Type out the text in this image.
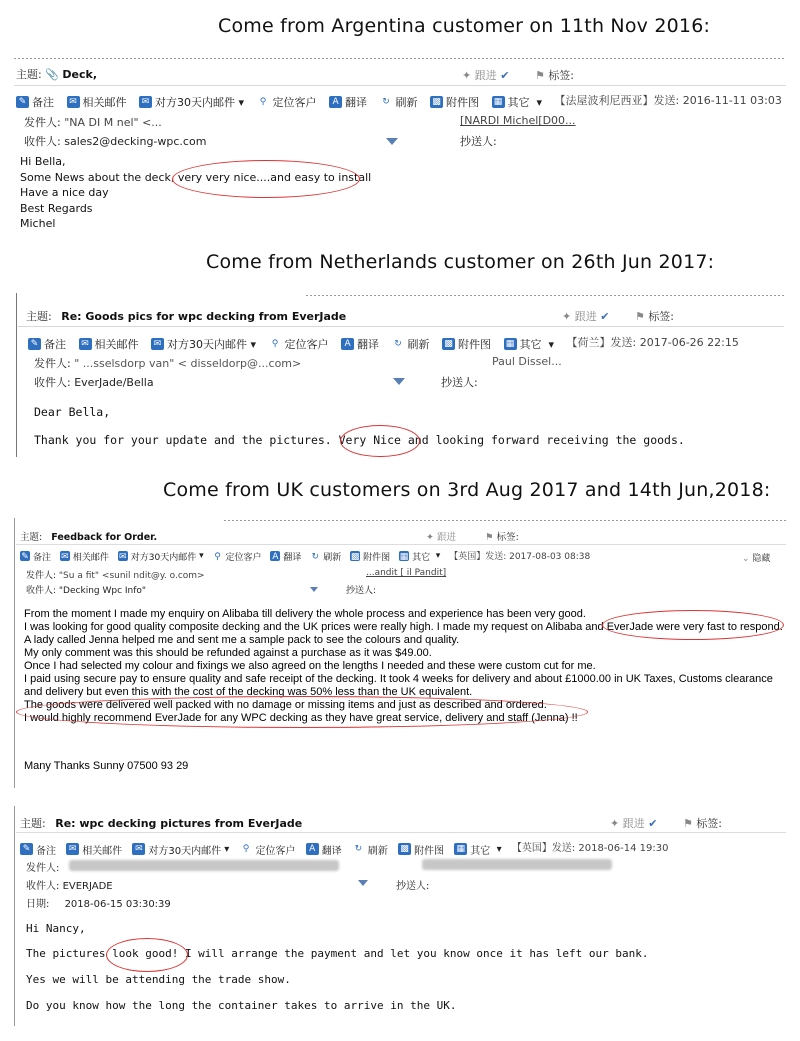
Come from Argentina customer on 11th Nov 2016:
主题: 📎 Deck,	✦ 跟进 ✔ ⚑ 标签:
✎ 备注
	✉ 相关邮件
	✉ 对方30天内邮件 ▾	⚲ 定位客户
	A 翻译
	↻ 刷新
▩ 附件图
▦ 其它 ▾ 【法屋波利尼西亚】发送: 2016-11-11 03:03
发件人: "NA DI M nel" <...	[NARDI Michel[D00...
收件人: sales2@decking-wpc.com	抄送人:
Hi Bella,
Some News about the deck, very very nice....and easy to install
Have a nice day
Best Regards
Michel
Come from Netherlands customer on 26th Jun 2017:
主题: Re: Goods pics for wpc decking from EverJade	✦ 跟进 ✔ ⚑ 标签:
✎ 备注
	✉ 相关邮件
	✉ 对方30天内邮件 ▾	⚲ 定位客户
	A 翻译
	↻ 刷新
▩ 附件图
▦ 其它 ▾ 【荷兰】发送: 2017-06-26 22:15
发件人: " ...sselsdorp van" < disseldorp@...com>	Paul Dissel...
收件人: EverJade/Bella	抄送人:
Dear Bella,
Thank you for your update and the pictures. Very Nice and looking forward receiving the goods.
Come from UK customers on 3rd Aug 2017 and 14th Jun,2018:
主题: Feedback for Order.	✦ 跟进	⚑ 标签:
✎ 备注
✉ 相关邮件
✉ 对方30天内邮件 ▾ ⚲ 定位客户
A 翻译
↻ 刷新
▩ 附件图
▦ 其它 ▾ 【英国】发送: 2017-08-03 08:38	⌄ 隐藏
发件人: "Su a fit" <sunil ndit@y. o.com>	...andit [ il Pandit]
收件人: "Decking Wpc Info"	抄送人:
From the moment I made my enquiry on Alibaba till delivery the whole process and experience has been very good.
I was looking for good quality composite decking and the UK prices were really high. I made my request on Alibaba and EverJade were very fast to respond.
A lady called Jenna helped me and sent me a sample pack to see the colours and quality.
My only comment was this should be refunded against a purchase as it was $49.00.
Once I had selected my colour and fixings we also agreed on the lengths I needed and these were custom cut for me.
I paid using secure pay to ensure quality and safe receipt of the decking. It took 4 weeks for delivery and about £1000.00 in UK Taxes, Customs clearance
and delivery but even this with the cost of the decking was 50% less than the UK equivalent.
The goods were delivered well packed with no damage or missing items and just as described and ordered.
I would highly recommend EverJade for any WPC decking as they have great service, delivery and staff (Jenna) !!
Many Thanks Sunny 07500 93 29
主题: Re: wpc decking pictures from EverJade	✦ 跟进 ✔ ⚑ 标签:
✎ 备注
	✉ 相关邮件
	✉ 对方30天内邮件 ▾	⚲ 定位客户
	A 翻译
	↻ 刷新
▩ 附件图
▦ 其它 ▾ 【英国】发送: 2018-06-14 19:30
发件人:
收件人: EVERJADE	抄送人:
日期: 2018-06-15 03:30:39
Hi Nancy,
The pictures look good! I will arrange the payment and let you know once it has left our bank.
Yes we will be attending the trade show.
Do you know how the long the container takes to arrive in the UK.
